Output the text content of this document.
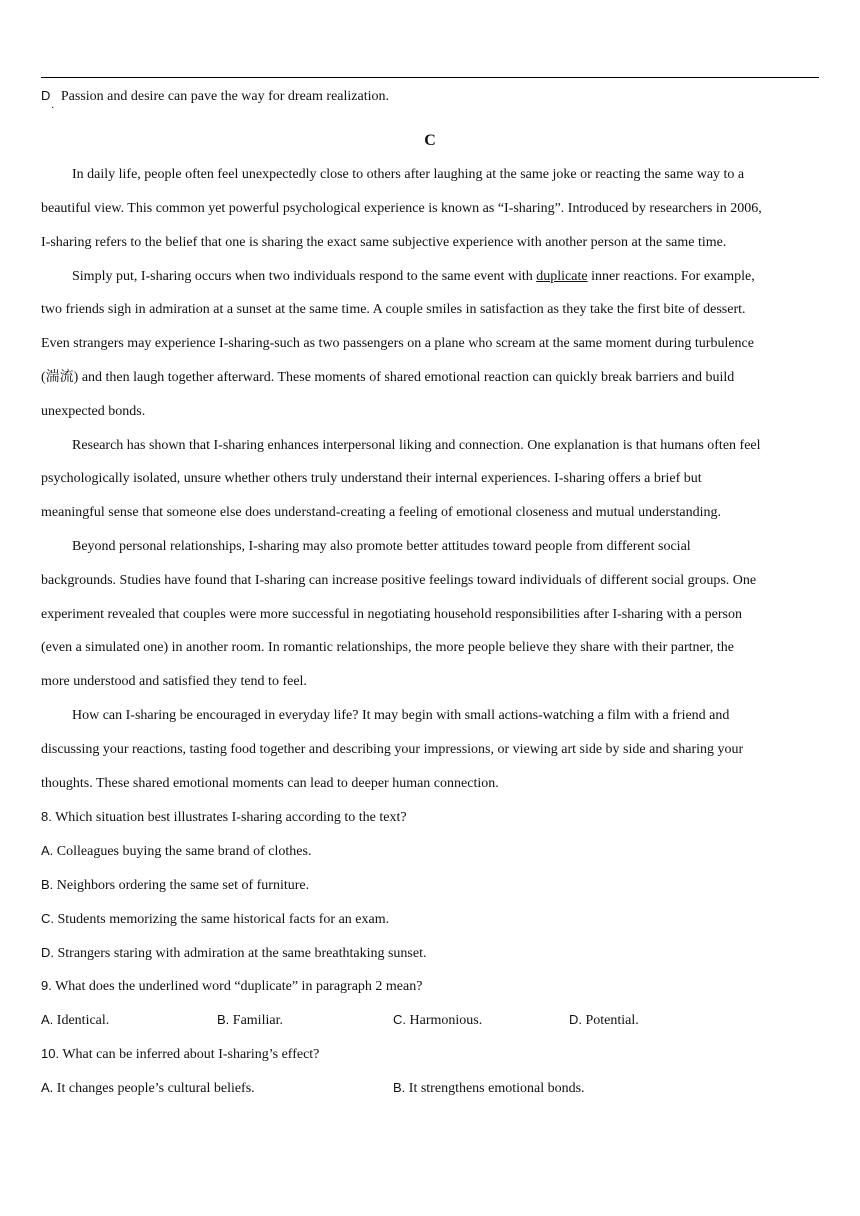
D Passion and desire can pave the way for dream realization.
·
C
In daily life, people often feel unexpectedly close to others after laughing at the same joke or reacting the same way to a
beautiful view. This common yet powerful psychological experience is known as “I-sharing”. Introduced by researchers in 2006,
I-sharing refers to the belief that one is sharing the exact same subjective experience with another person at the same time.
Simply put, I-sharing occurs when two individuals respond to the same event with duplicate inner reactions. For example,
two friends sigh in admiration at a sunset at the same time. A couple smiles in satisfaction as they take the first bite of dessert.
Even strangers may experience I-sharing-such as two passengers on a plane who scream at the same moment during turbulence
(湍流) and then laugh together afterward. These moments of shared emotional reaction can quickly break barriers and build
unexpected bonds.
Research has shown that I-sharing enhances interpersonal liking and connection. One explanation is that humans often feel
psychologically isolated, unsure whether others truly understand their internal experiences. I-sharing offers a brief but
meaningful sense that someone else does understand-creating a feeling of emotional closeness and mutual understanding.
Beyond personal relationships, I-sharing may also promote better attitudes toward people from different social
backgrounds. Studies have found that I-sharing can increase positive feelings toward individuals of different social groups. One
experiment revealed that couples were more successful in negotiating household responsibilities after I-sharing with a person
(even a simulated one) in another room. In romantic relationships, the more people believe they share with their partner, the
more understood and satisfied they tend to feel.
How can I-sharing be encouraged in everyday life? It may begin with small actions-watching a film with a friend and
discussing your reactions, tasting food together and describing your impressions, or viewing art side by side and sharing your
thoughts. These shared emotional moments can lead to deeper human connection.
8. Which situation best illustrates I-sharing according to the text?
A. Colleagues buying the same brand of clothes.
B. Neighbors ordering the same set of furniture.
C. Students memorizing the same historical facts for an exam.
D. Strangers staring with admiration at the same breathtaking sunset.
9. What does the underlined word “duplicate” in paragraph 2 mean?
A. Identical.	B. Familiar.	C. Harmonious.	D. Potential.
10. What can be inferred about I-sharing’s effect?
A. It changes people’s cultural beliefs.	B. It strengthens emotional bonds.
